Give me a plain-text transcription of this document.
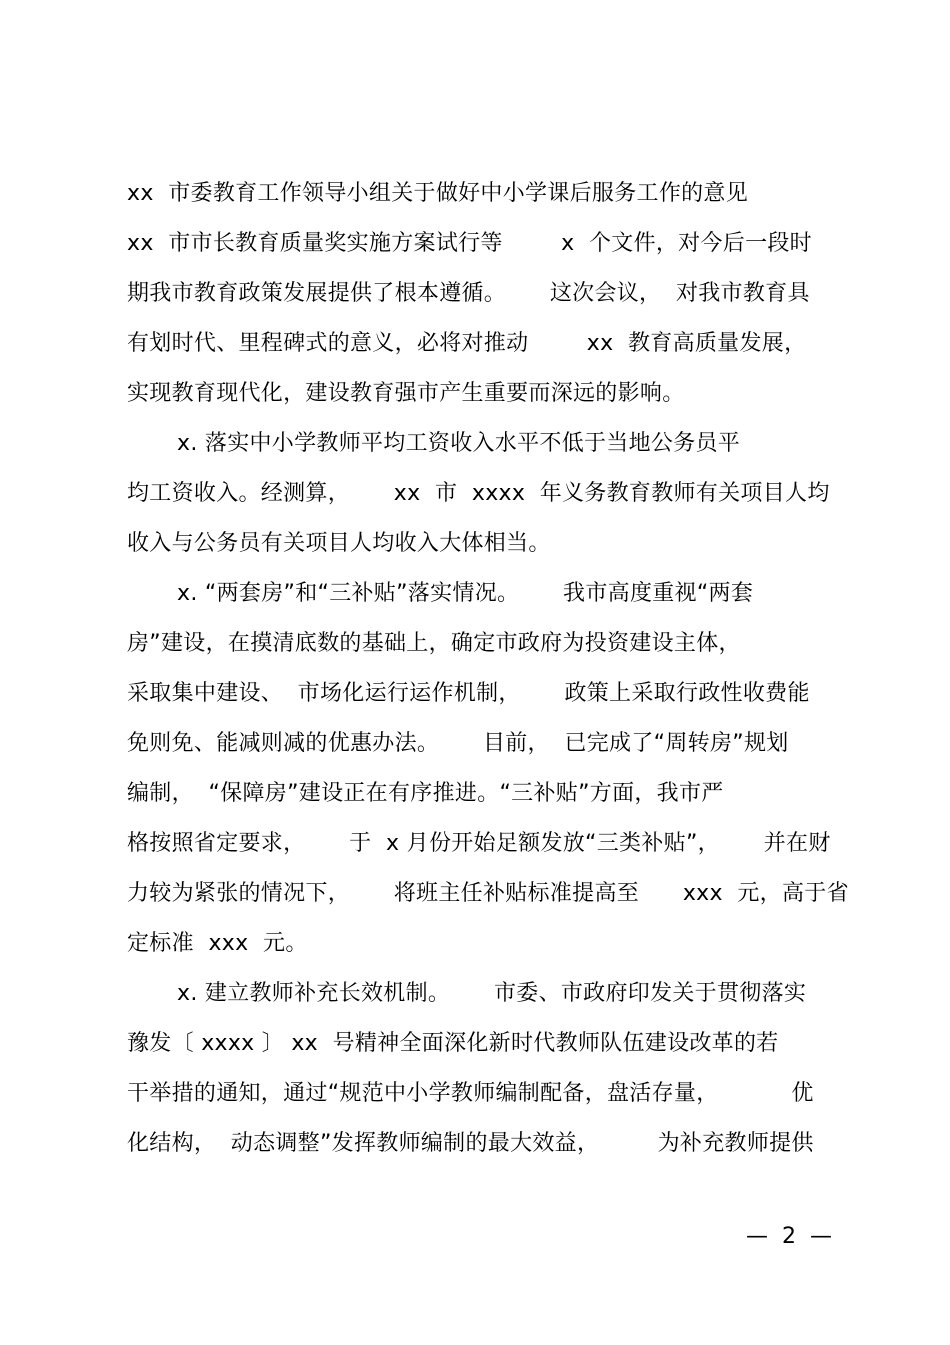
xx  市委教育工作领导小组关于做好中小学课后服务工作的意见
xx  市市长教育质量奖实施方案试行等        x  个文件，对今后一段时
期我市教育政策发展提供了根本遵循。      这次会议，  对我市教育具
有划时代、里程碑式的意义，必将对推动        xx  教育高质量发展，
实现教育现代化，建设教育强市产生重要而深远的影响。
x. 落实中小学教师平均工资收入水平不低于当地公务员平
均工资收入。经测算，      xx  市  xxxx  年义务教育教师有关项目人均
收入与公务员有关项目人均收入大体相当。
x. “两套房”和“三补贴”落实情况。      我市高度重视“两套
房”建设，在摸清底数的基础上，确定市政府为投资建设主体，
采取集中建设、  市场化运行运作机制，      政策上采取行政性收费能
免则免、能减则减的优惠办法。      目前，  已完成了“周转房”规划
编制，  “保障房”建设正在有序推进。“三补贴”方面，我市严
格按照省定要求，      于  x 月份开始足额发放“三类补贴”，      并在财
力较为紧张的情况下，      将班主任补贴标准提高至      xxx  元，高于省
定标准  xxx  元。
x. 建立教师补充长效机制。      市委、市政府印发关于贯彻落实
豫发〔 xxxx 〕 xx  号精神全面深化新时代教师队伍建设改革的若
干举措的通知，通过“规范中小学教师编制配备，盘活存量，          优
化结构，  动态调整”发挥教师编制的最大效益，        为补充教师提供
—  2  —
